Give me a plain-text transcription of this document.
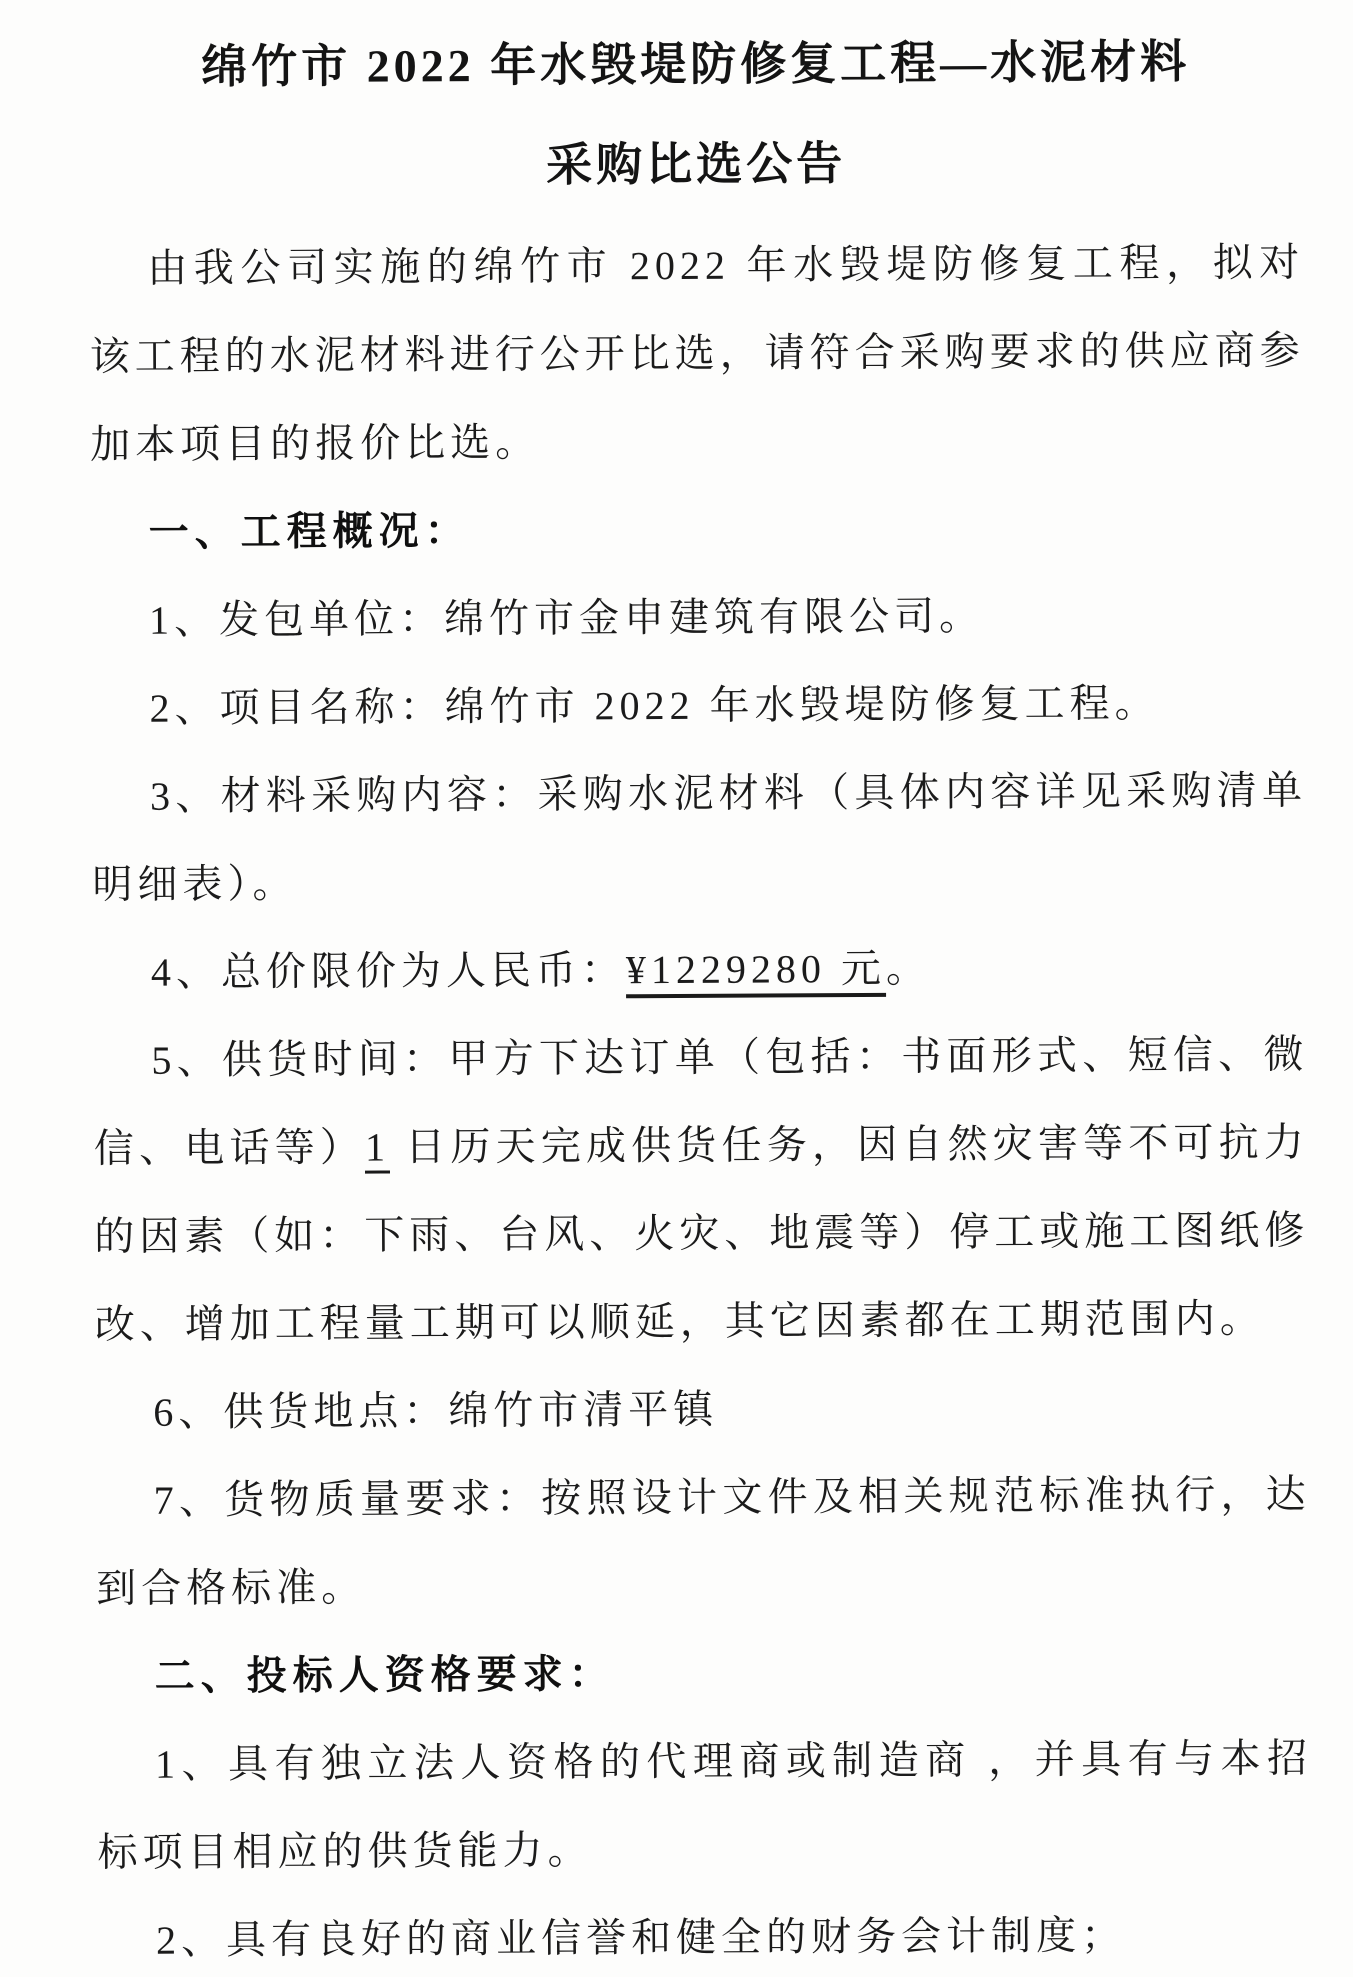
绵竹市 2022 年水毁堤防修复工程—水泥材料
采购比选公告

由我公司实施的绵竹市 2022 年水毁堤防修复工程，拟对该工程的水泥材料进行公开比选，请符合采购要求的供应商参加本项目的报价比选。

一、工程概况：

1、发包单位：绵竹市金申建筑有限公司。

2、项目名称：绵竹市 2022 年水毁堤防修复工程。

3、材料采购内容：采购水泥材料（具体内容详见采购清单明细表）。

4、总价限价为人民币：¥1229280 元。

5、供货时间：甲方下达订单（包括：书面形式、短信、微信、电话等）1 日历天完成供货任务，因自然灾害等不可抗力的因素（如：下雨、台风、火灾、地震等）停工或施工图纸修改、增加工程量工期可以顺延，其它因素都在工期范围内。

6、供货地点：绵竹市清平镇

7、货物质量要求：按照设计文件及相关规范标准执行，达到合格标准。

二、投标人资格要求：

1、具有独立法人资格的代理商或制造商 ，并具有与本招标项目相应的供货能力。

2、具有良好的商业信誉和健全的财务会计制度；
